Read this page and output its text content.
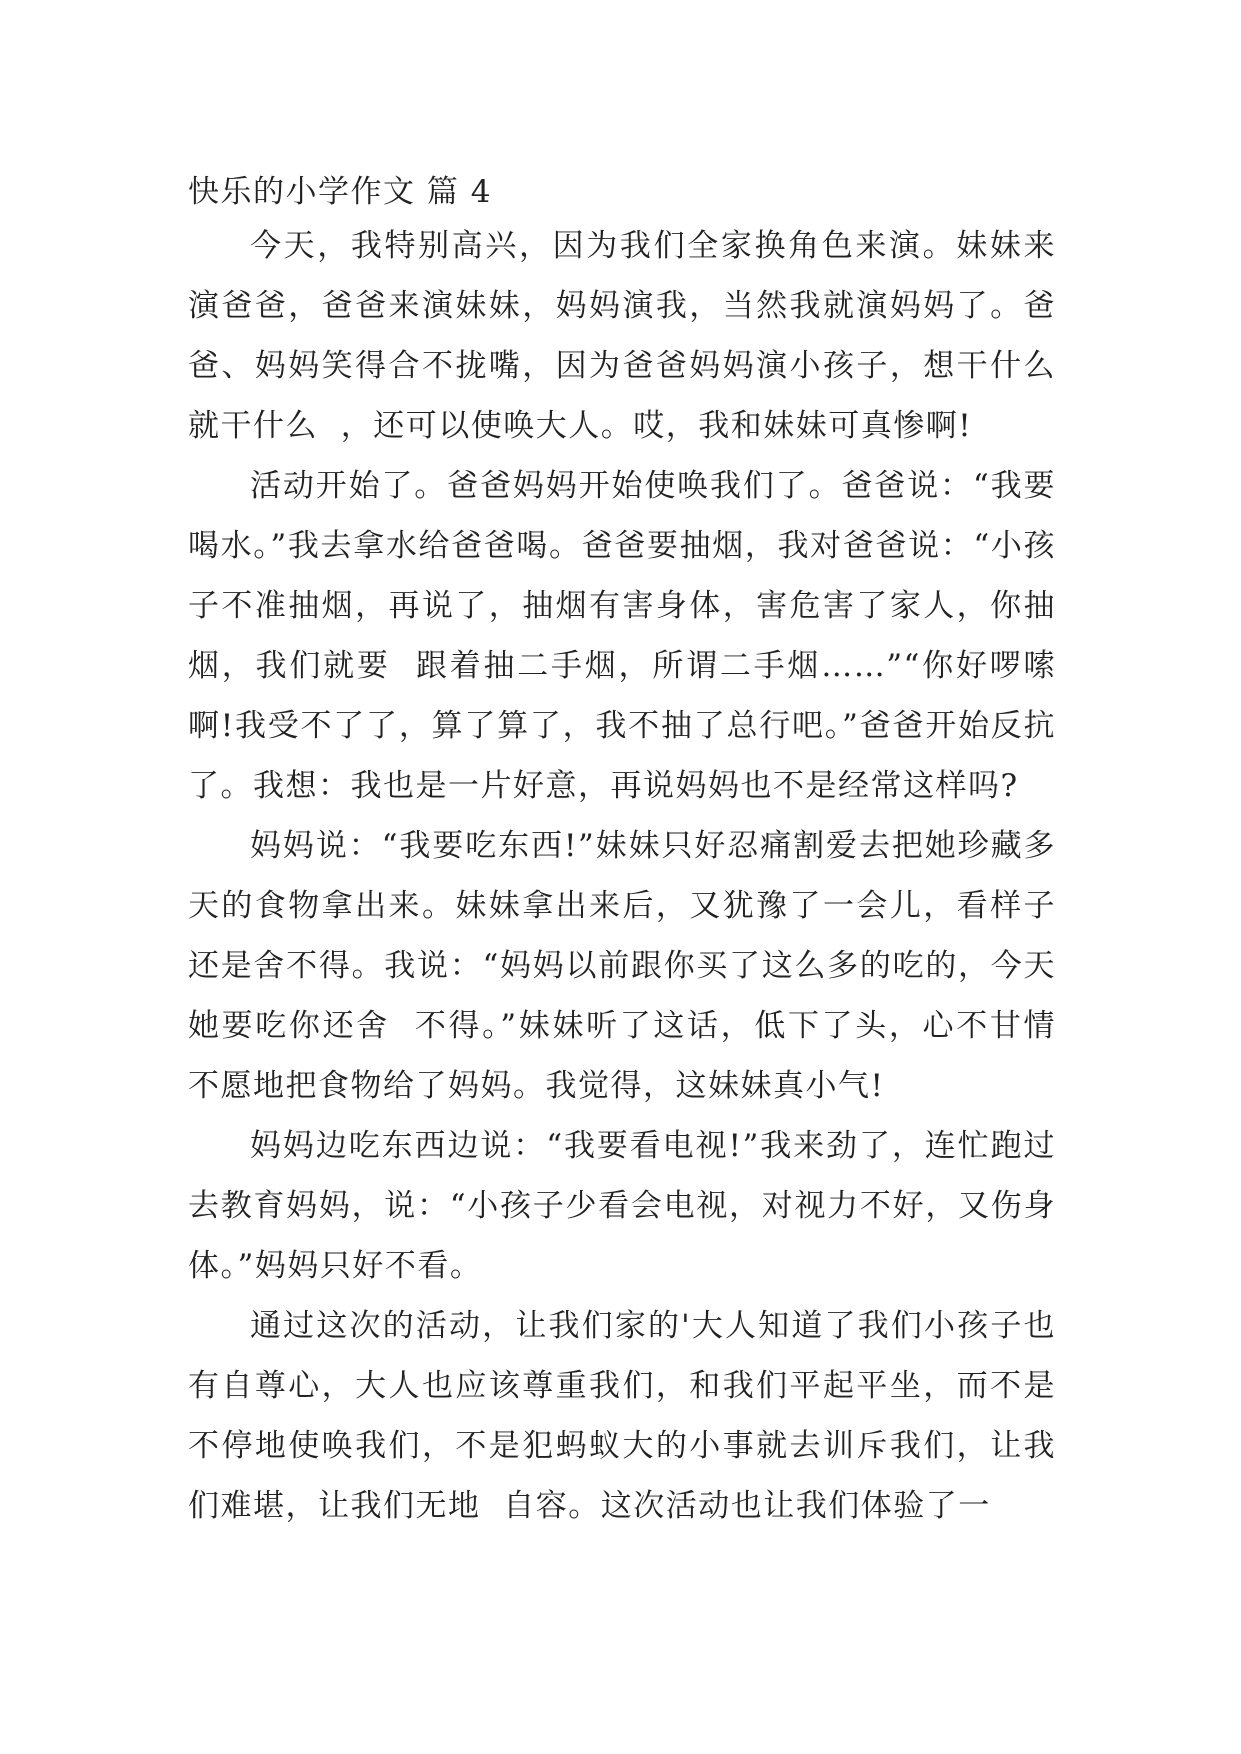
快乐的小学作文 篇 4

今天，我特别高兴，因为我们全家换角色来演。妹妹来演爸爸，爸爸来演妹妹，妈妈演我，当然我就演妈妈了。爸爸、妈妈笑得合不拢嘴，因为爸爸妈妈演小孩子，想干什么就干什么  ，还可以使唤大人。哎，我和妹妹可真惨啊!

活动开始了。爸爸妈妈开始使唤我们了。爸爸说：“我要喝水。”我去拿水给爸爸喝。爸爸要抽烟，我对爸爸说：“小孩子不准抽烟，再说了，抽烟有害身体，害危害了家人，你抽烟，我们就要  跟着抽二手烟，所谓二手烟……”“你好啰嗦啊!我受不了了，算了算了，我不抽了总行吧。”爸爸开始反抗了。我想：我也是一片好意，再说妈妈也不是经常这样吗?

妈妈说：“我要吃东西!”妹妹只好忍痛割爱去把她珍藏多天的食物拿出来。妹妹拿出来后，又犹豫了一会儿，看样子还是舍不得。我说：“妈妈以前跟你买了这么多的吃的，今天她要吃你还舍  不得。”妹妹听了这话，低下了头，心不甘情不愿地把食物给了妈妈。我觉得，这妹妹真小气!

妈妈边吃东西边说：“我要看电视!”我来劲了，连忙跑过去教育妈妈，说：“小孩子少看会电视，对视力不好，又伤身体。”妈妈只好不看。

通过这次的活动，让我们家的'大人知道了我们小孩子也有自尊心，大人也应该尊重我们，和我们平起平坐，而不是不停地使唤我们，不是犯蚂蚁大的小事就去训斥我们，让我们难堪，让我们无地  自容。这次活动也让我们体验了一
